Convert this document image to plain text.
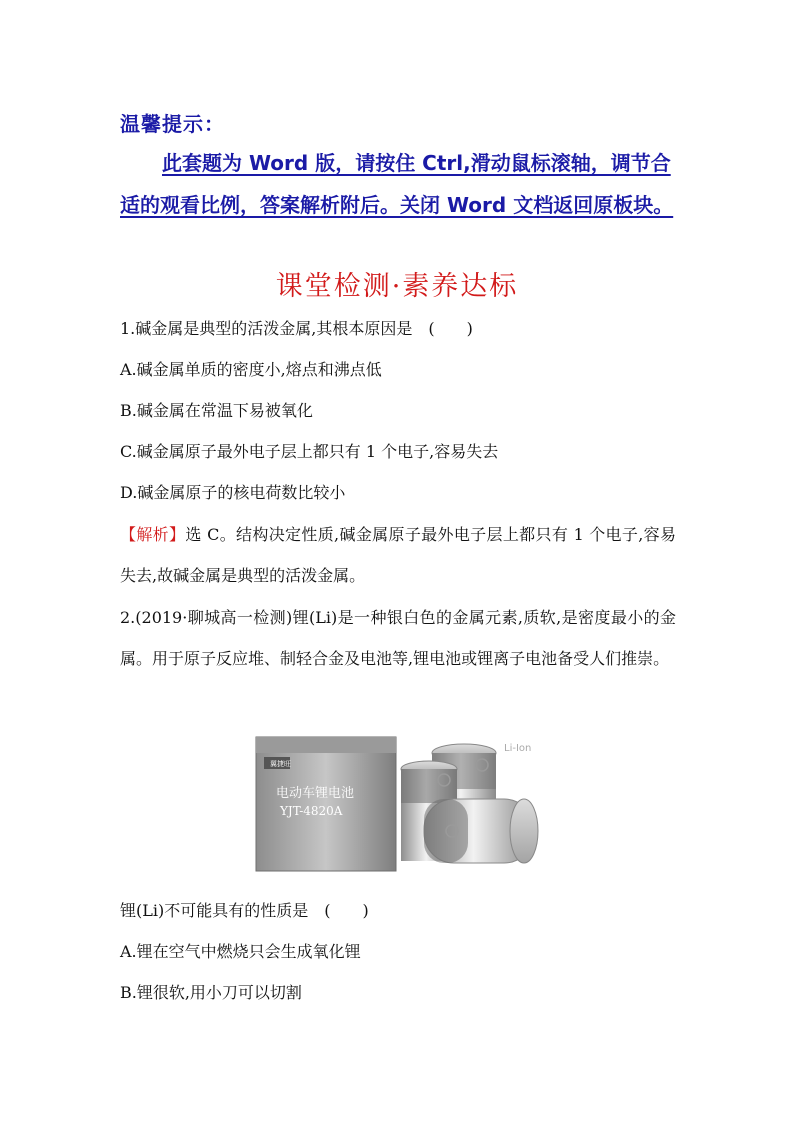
温馨提示：
此套题为 Word 版，请按住 Ctrl,滑动鼠标滚轴，调节合适的观看比例，答案解析附后。关闭 Word 文档返回原板块。
课堂检测·素养达标
1.碱金属是典型的活泼金属,其根本原因是　(　　)
A.碱金属单质的密度小,熔点和沸点低
B.碱金属在常温下易被氧化
C.碱金属原子最外电子层上都只有 1 个电子,容易失去
D.碱金属原子的核电荷数比较小
【解析】选 C。结构决定性质,碱金属原子最外电子层上都只有 1 个电子,容易失去,故碱金属是典型的活泼金属。
2.(2019·聊城高一检测)锂(Li)是一种银白色的金属元素,质软,是密度最小的金属。用于原子反应堆、制轻合金及电池等,锂电池或锂离子电池备受人们推崇。
翼捷旺
电动车锂电池
YJT-4820A
Li-Ion
锂(Li)不可能具有的性质是　(　　)
A.锂在空气中燃烧只会生成氧化锂
B.锂很软,用小刀可以切割
